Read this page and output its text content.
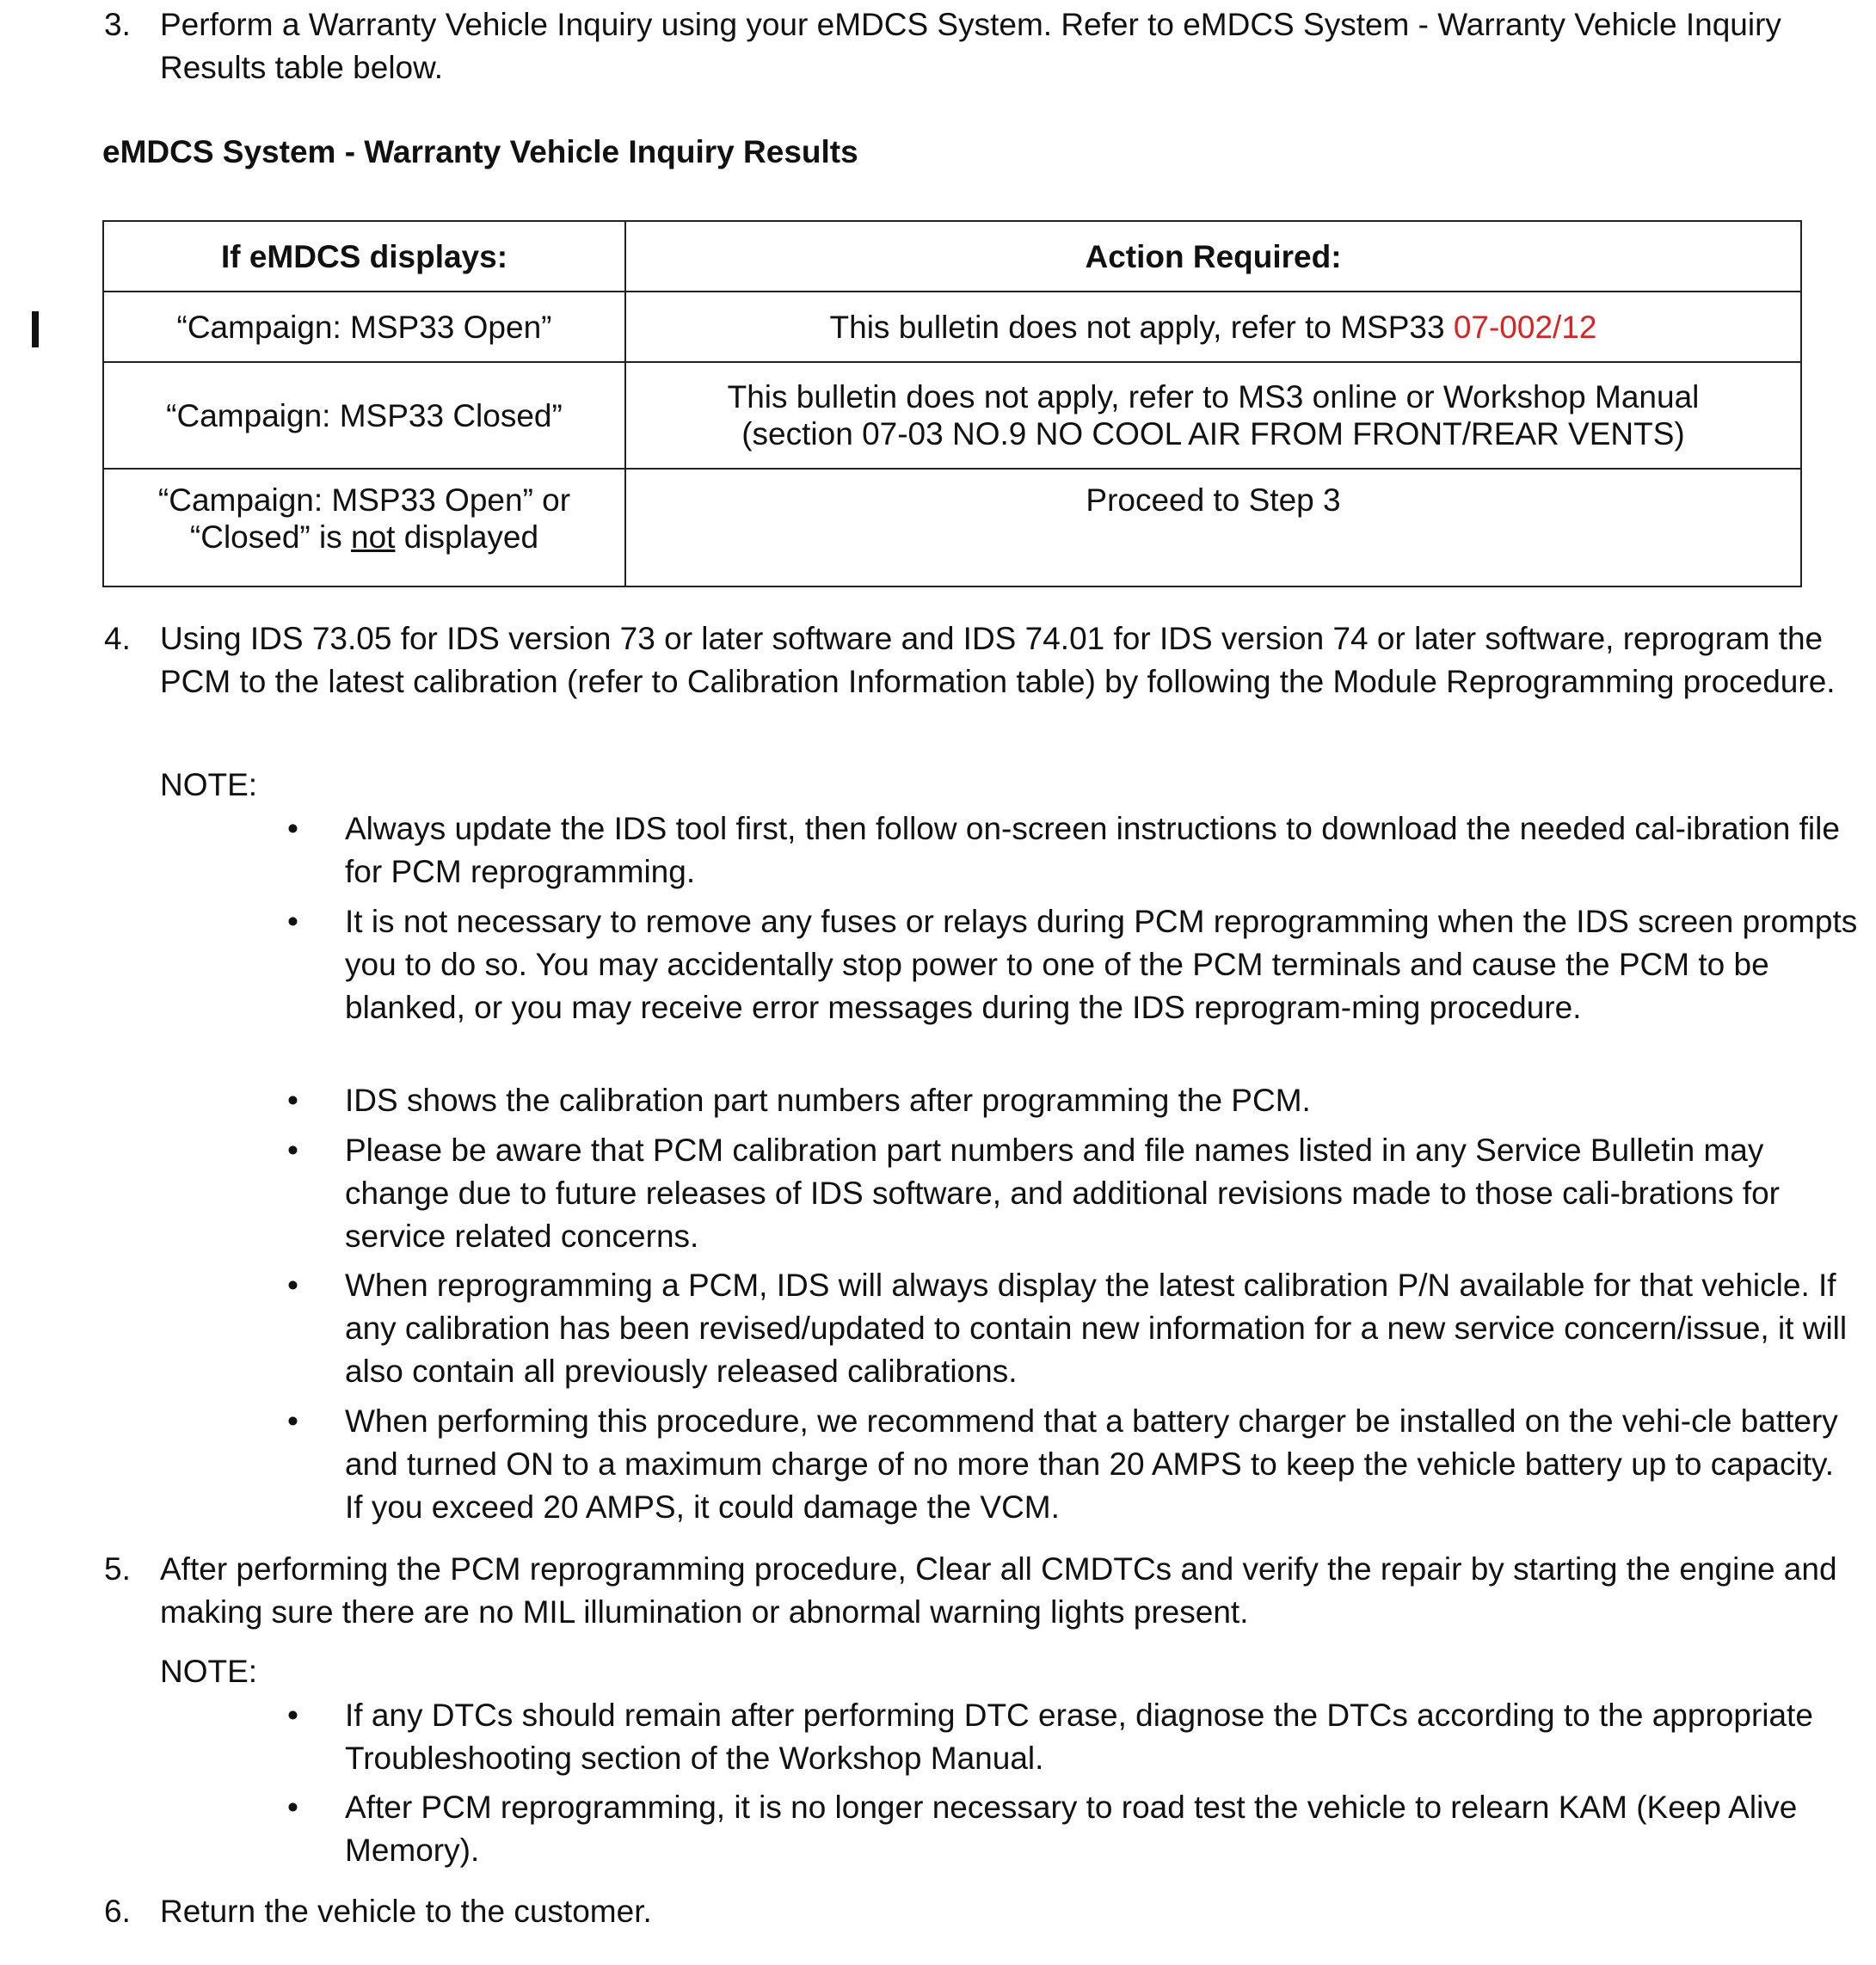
3. Perform a Warranty Vehicle Inquiry using your eMDCS System. Refer to eMDCS System - Warranty Vehicle Inquiry Results table below.
eMDCS System - Warranty Vehicle Inquiry Results
If eMDCS displays:	Action Required:
“Campaign: MSP33 Open”	This bulletin does not apply, refer to MSP33 07-002/12
“Campaign: MSP33 Closed”	This bulletin does not apply, refer to MS3 online or Workshop Manual
(section 07-03 NO.9 NO COOL AIR FROM FRONT/REAR VENTS)

“Campaign: MSP33 Open” or
“Closed” is not displayed	Proceed to Step 3
4. Using IDS 73.05 for IDS version 73 or later software and IDS 74.01 for IDS version 74 or later software, reprogram the PCM to the latest calibration (refer to Calibration Information table) by following the Module Reprogramming procedure.
NOTE:
• Always update the IDS tool first, then follow on-screen instructions to download the needed cal-ibration file for PCM reprogramming.
• It is not necessary to remove any fuses or relays during PCM reprogramming when the IDS screen prompts you to do so. You may accidentally stop power to one of the PCM terminals and cause the PCM to be blanked, or you may receive error messages during the IDS reprogram-ming procedure.
• IDS shows the calibration part numbers after programming the PCM.
• Please be aware that PCM calibration part numbers and file names listed in any Service Bulletin may change due to future releases of IDS software, and additional revisions made to those cali-brations for service related concerns.
• When reprogramming a PCM, IDS will always display the latest calibration P/N available for that vehicle. If any calibration has been revised/updated to contain new information for a new service concern/issue, it will also contain all previously released calibrations.
• When performing this procedure, we recommend that a battery charger be installed on the vehi-cle battery and turned ON to a maximum charge of no more than 20 AMPS to keep the vehicle battery up to capacity. If you exceed 20 AMPS, it could damage the VCM.
5. After performing the PCM reprogramming procedure, Clear all CMDTCs and verify the repair by starting the engine and making sure there are no MIL illumination or abnormal warning lights present.
NOTE:
• If any DTCs should remain after performing DTC erase, diagnose the DTCs according to the appropriate Troubleshooting section of the Workshop Manual.
• After PCM reprogramming, it is no longer necessary to road test the vehicle to relearn KAM (Keep Alive Memory).
6. Return the vehicle to the customer.
